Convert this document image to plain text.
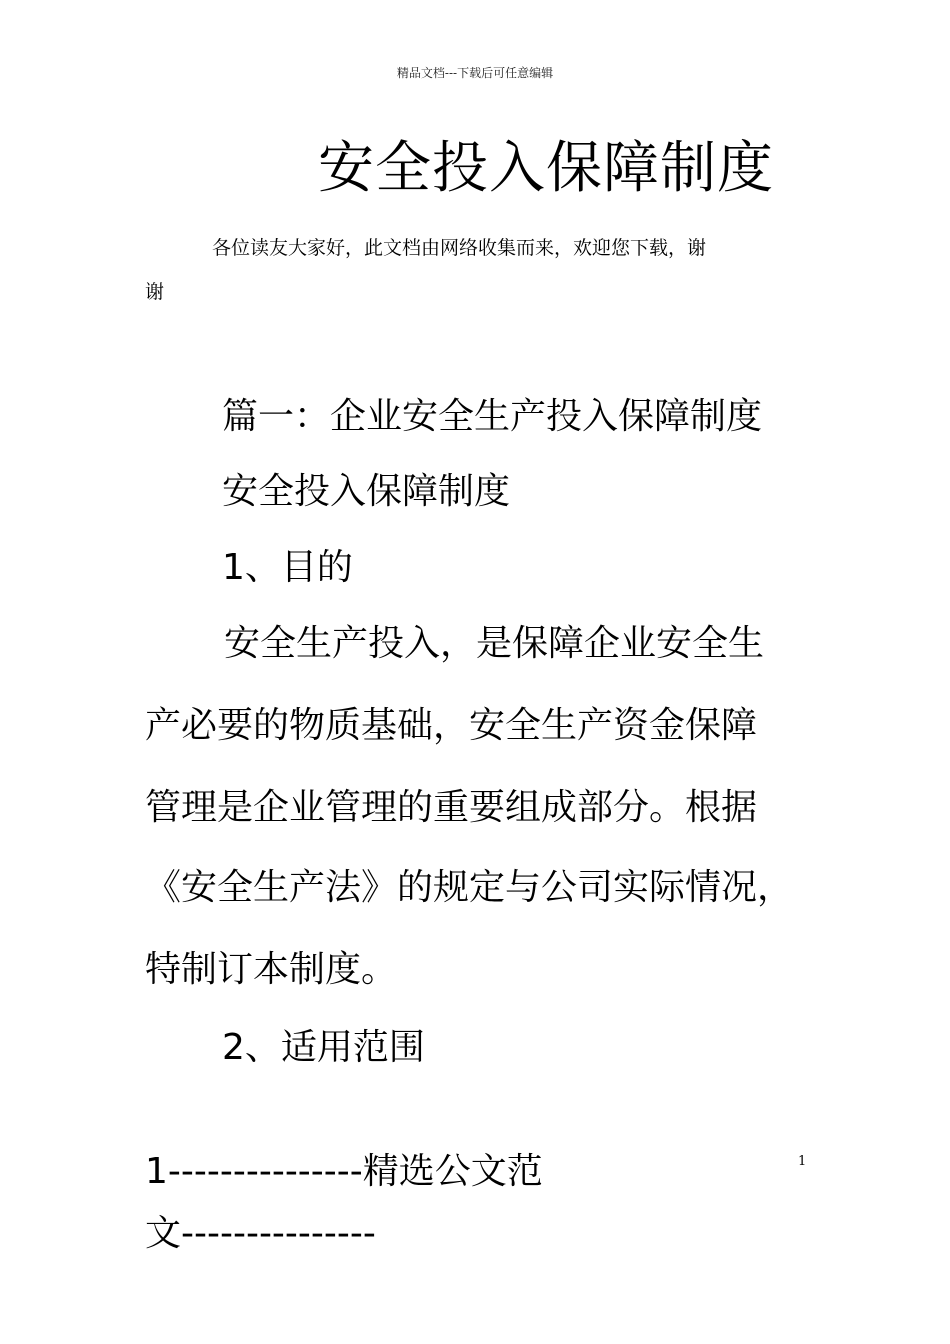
精品文档---下载后可任意编辑
安全投入保障制度

各位读友大家好，此文档由网络收集而来，欢迎您下载，谢

谢

篇一：企业安全生产投入保障制度

安全投入保障制度

1、目的

安全生产投入，是保障企业安全生

产必要的物质基础，安全生产资金保障

管理是企业管理的重要组成部分。根据

《安全生产法》的规定与公司实际情况，

特制订本制度。

2、适用范围

1---------------精选公文范

文---------------

1
